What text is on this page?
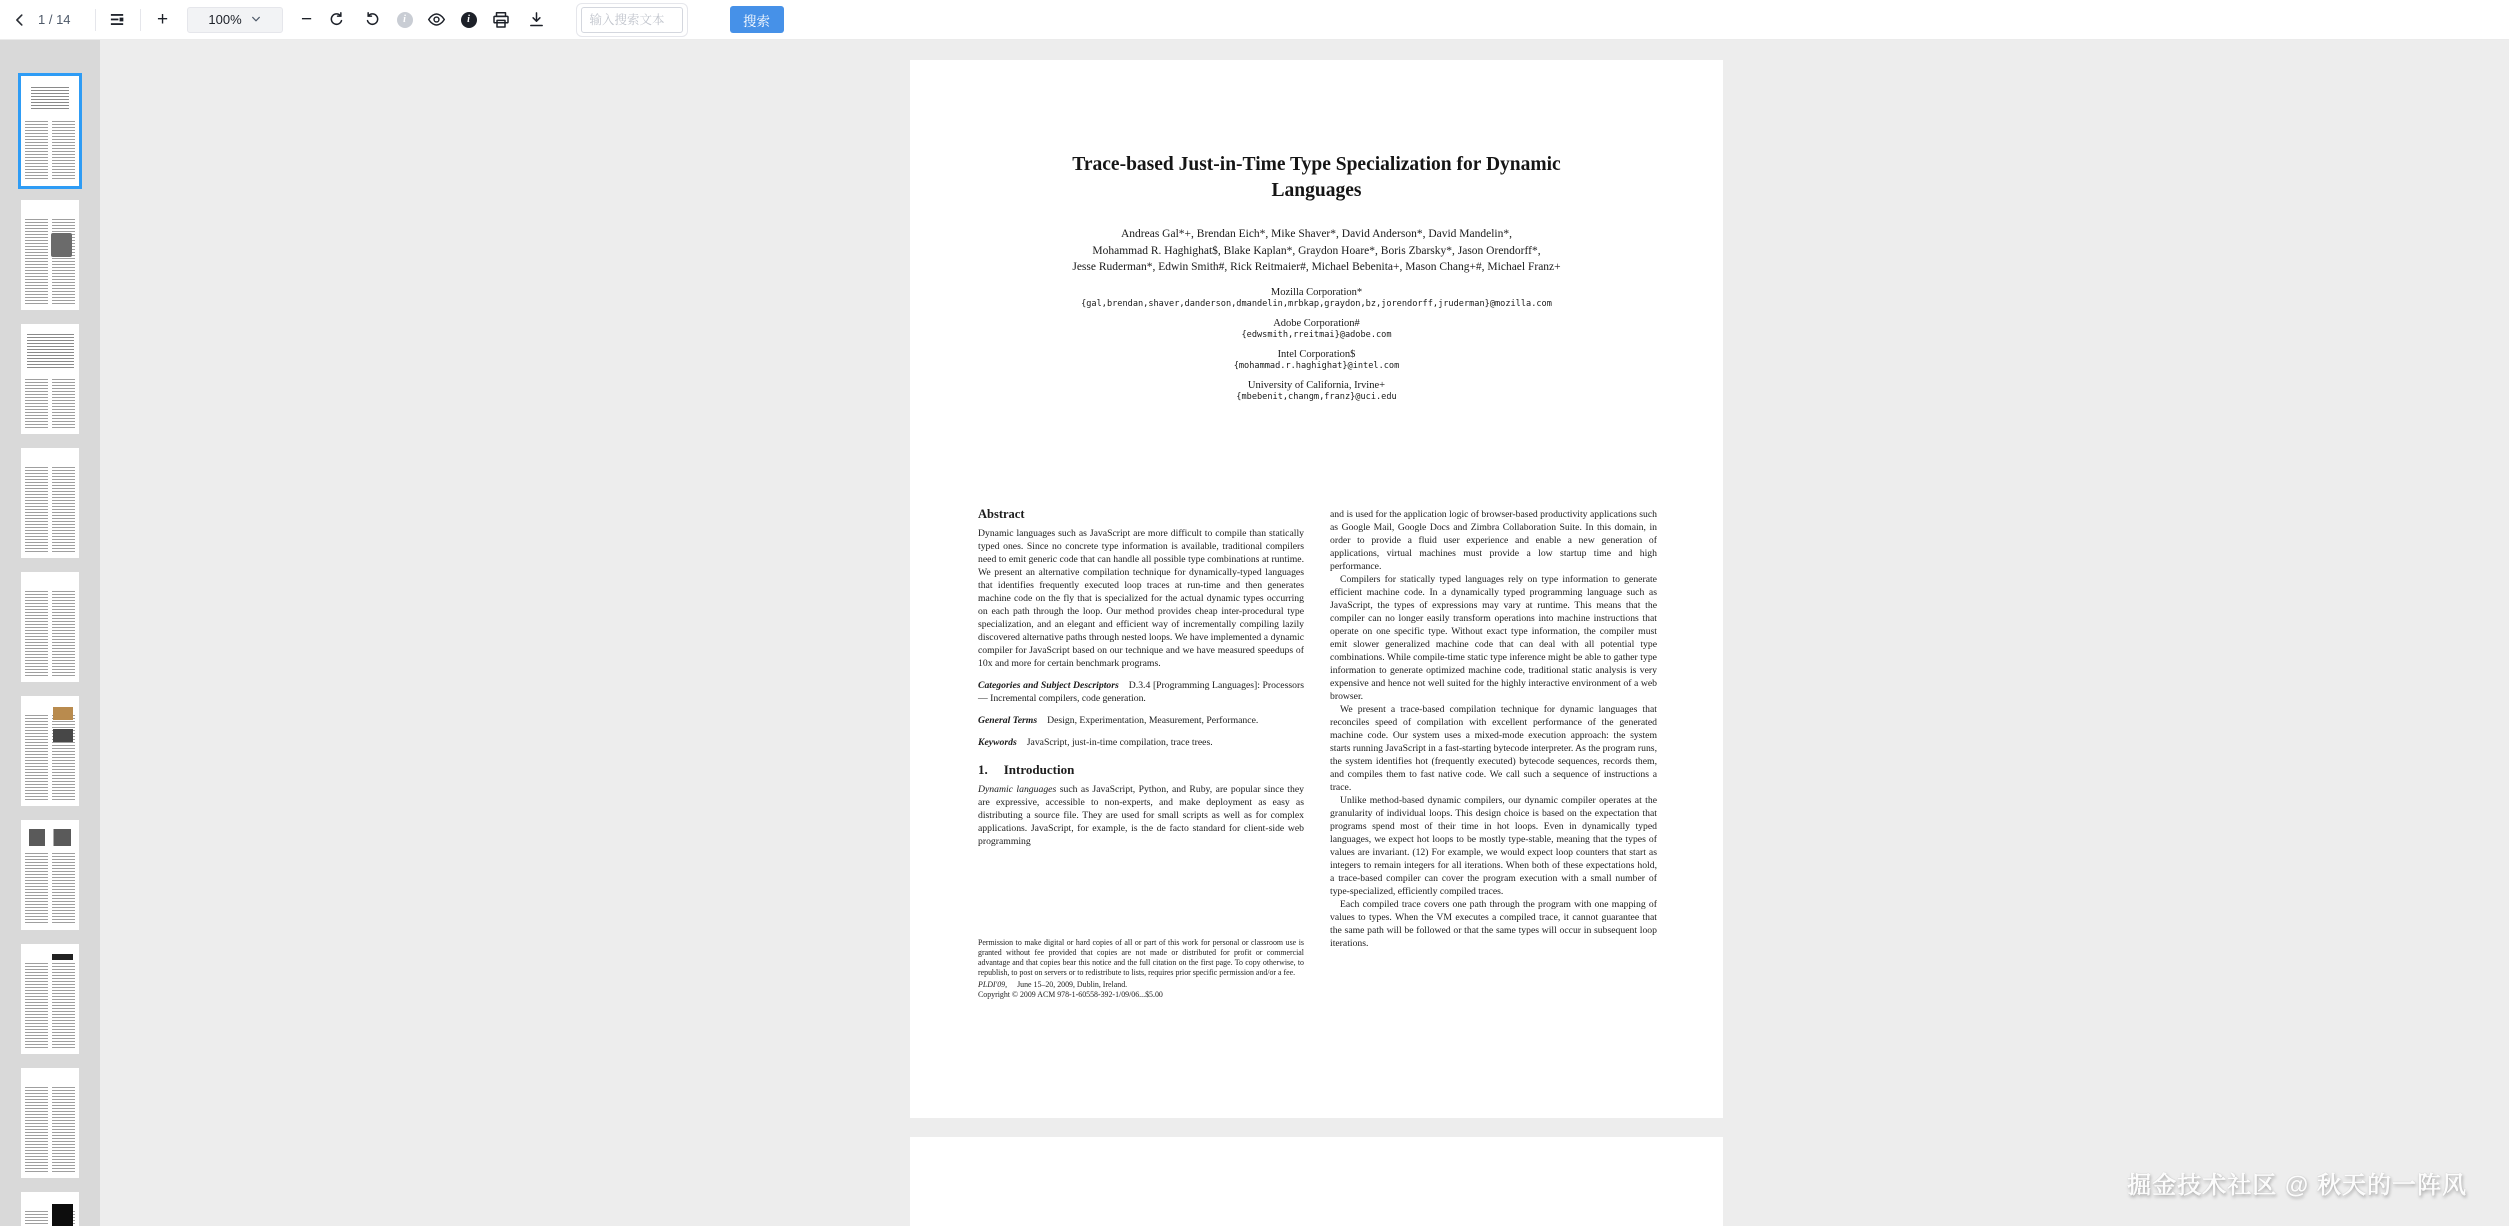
1 / 14	+	100%	−	i	i
输入搜索文本	搜索
Trace-based Just-in-Time Type Specialization for Dynamic
Languages
Andreas Gal*+, Brendan Eich*, Mike Shaver*, David Anderson*, David Mandelin*,
Mohammad R. Haghighat$, Blake Kaplan*, Graydon Hoare*, Boris Zbarsky*, Jason Orendorff*,
Jesse Ruderman*, Edwin Smith#, Rick Reitmaier#, Michael Bebenita+, Mason Chang+#, Michael Franz+
Mozilla Corporation*
{gal,brendan,shaver,danderson,dmandelin,mrbkap,graydon,bz,jorendorff,jruderman}@mozilla.com
Adobe Corporation#
{edwsmith,rreitmai}@adobe.com
Intel Corporation$
{mohammad.r.haghighat}@intel.com
University of California, Irvine+
{mbebenit,changm,franz}@uci.edu
Abstract

Dynamic languages such as JavaScript are more difficult to compile than statically typed ones. Since no concrete type information is available, traditional compilers need to emit generic code that can handle all possible type combinations at runtime. We present an alternative compilation technique for dynamically-typed languages that identifies frequently executed loop traces at run-time and then generates machine code on the fly that is specialized for the actual dynamic types occurring on each path through the loop. Our method provides cheap inter-procedural type specialization, and an elegant and efficient way of incrementally compiling lazily discovered alternative paths through nested loops. We have implemented a dynamic compiler for JavaScript based on our technique and we have measured speedups of 10x and more for certain benchmark programs.

Categories and Subject Descriptors D.3.4 [Programming Languages]: Processors — Incremental compilers, code generation.

General Terms Design, Experimentation, Measurement, Performance.

Keywords JavaScript, just-in-time compilation, trace trees.

1. Introduction

Dynamic languages such as JavaScript, Python, and Ruby, are popular since they are expressive, accessible to non-experts, and make deployment as easy as distributing a source file. They are used for small scripts as well as for complex applications. JavaScript, for example, is the de facto standard for client-side web programming

and is used for the application logic of browser-based productivity applications such as Google Mail, Google Docs and Zimbra Collaboration Suite. In this domain, in order to provide a fluid user experience and enable a new generation of applications, virtual machines must provide a low startup time and high performance.

Compilers for statically typed languages rely on type information to generate efficient machine code. In a dynamically typed programming language such as JavaScript, the types of expressions may vary at runtime. This means that the compiler can no longer easily transform operations into machine instructions that operate on one specific type. Without exact type information, the compiler must emit slower generalized machine code that can deal with all potential type combinations. While compile-time static type inference might be able to gather type information to generate optimized machine code, traditional static analysis is very expensive and hence not well suited for the highly interactive environment of a web browser.

We present a trace-based compilation technique for dynamic languages that reconciles speed of compilation with excellent performance of the generated machine code. Our system uses a mixed-mode execution approach: the system starts running JavaScript in a fast-starting bytecode interpreter. As the program runs, the system identifies hot (frequently executed) bytecode sequences, records them, and compiles them to fast native code. We call such a sequence of instructions a trace.

Unlike method-based dynamic compilers, our dynamic compiler operates at the granularity of individual loops. This design choice is based on the expectation that programs spend most of their time in hot loops. Even in dynamically typed languages, we expect hot loops to be mostly type-stable, meaning that the types of values are invariant. (12) For example, we would expect loop counters that start as integers to remain integers for all iterations. When both of these expectations hold, a trace-based compiler can cover the program execution with a small number of type-specialized, efficiently compiled traces.

Each compiled trace covers one path through the program with one mapping of values to types. When the VM executes a compiled trace, it cannot guarantee that the same path will be followed or that the same types will occur in subsequent loop iterations.

Permission to make digital or hard copies of all or part of this work for personal or classroom use is granted without fee provided that copies are not made or distributed for profit or commercial advantage and that copies bear this notice and the full citation on the first page. To copy otherwise, to republish, to post on servers or to redistribute to lists, requires prior specific permission and/or a fee.

PLDI'09, June 15–20, 2009, Dublin, Ireland.

Copyright © 2009 ACM 978-1-60558-392-1/09/06...$5.00

掘金技术社区 @ 秋天的一阵风
